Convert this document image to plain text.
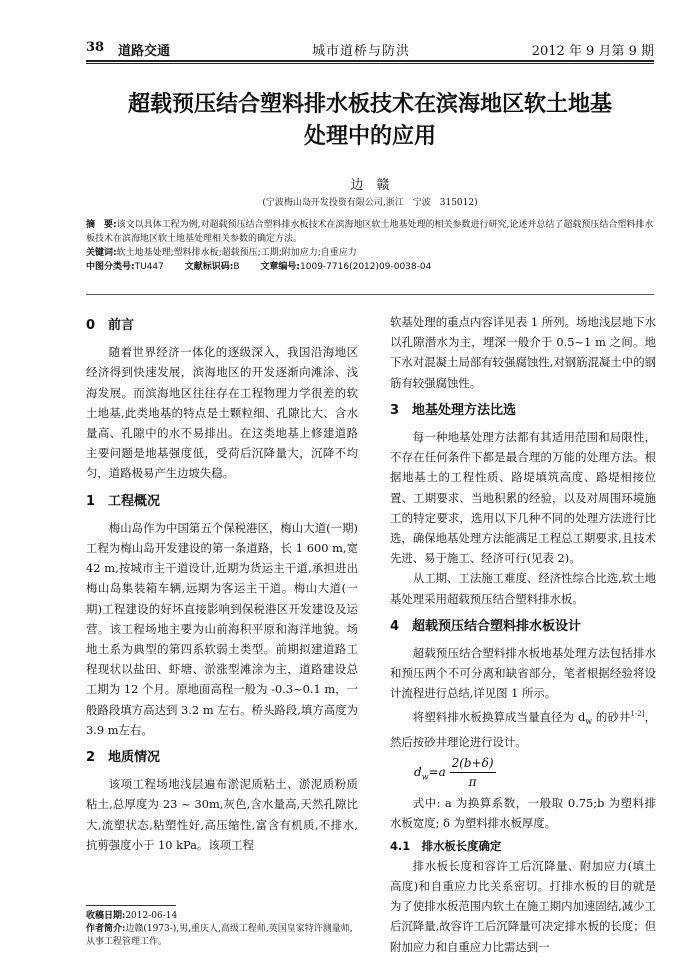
38 道路交通	城市道桥与防洪	2012 年 9 月第 9 期
超载预压结合塑料排水板技术在滨海地区软土地基
处理中的应用
边　赣
(宁波梅山岛开发投资有限公司,浙江　宁波　315012)
摘　要:该文以具体工程为例,对超载预压结合塑料排水板技术在滨海地区软土地基处理的相关参数进行研究,论述并总结了超载预压结合塑料排水板技术在滨海地区软土地基处理相关参数的确定方法。
关键词:软土地基处理;塑料排水板;超载预压;工期;附加应力;自重应力
中图分类号:TU447 文献标识码:B 文章编号:1009-7716(2012)09-0038-04
0　前言

随着世界经济一体化的逐级深入，我国沿海地区经济得到快速发展，滨海地区的开发逐渐向滩涂、浅海发展。而滨海地区往往存在工程物理力学很差的软土地基,此类地基的特点是土颗粒细、孔隙比大、含水量高、孔隙中的水不易排出。在这类地基上修建道路主要问题是地基强度低，受荷后沉降量大，沉降不均匀，道路极易产生边坡失稳。

1　工程概况

梅山岛作为中国第五个保税港区，梅山大道(一期)工程为梅山岛开发建设的第一条道路，长 1 600 m,宽 42 m,按城市主干道设计,近期为货运主干道,承担进出梅山岛集装箱车辆,远期为客运主干道。梅山大道(一期)工程建设的好坏直接影响到保税港区开发建设及运营。该工程场地主要为山前海积平原和海洋地貌。场地土系为典型的第四系软弱土类型。前期拟建道路工程现状以盐田、虾塘、淤涨型滩涂为主，道路建设总工期为 12 个月。原地面高程一般为 -0.3~0.1 m，一般路段填方高达到 3.2 m 左右。桥头路段,填方高度为 3.9 m左右。

2　地质情况

该项工程场地浅层遍布淤泥质粘土、淤泥质粉质粘土,总厚度为 23 ~ 30m,灰色,含水量高,天然孔隙比大,流塑状态,粘塑性好,高压缩性,富含有机质,不排水,抗剪强度小于 10 kPa。该项工程

收稿日期:2012-06-14
作者简介:边赣(1973-),男,重庆人,高级工程师,英国皇家特许测量师,从事工程管理工作。

软基处理的重点内容详见表 1 所列。场地浅层地下水以孔隙潜水为主，埋深一般介于 0.5~1 m 之间。地下水对混凝土局部有较强腐蚀性,对钢筋混凝土中的钢筋有较强腐蚀性。

3　地基处理方法比选

每一种地基处理方法都有其适用范围和局限性，不存在任何条件下都是最合理的万能的处理方法。根据地基土的工程性质、路堤填筑高度、路堤相接位置、工期要求、当地积累的经验，以及对周围环境施工的特定要求，选用以下几种不同的处理方法进行比选，确保地基处理方法能满足工程总工期要求,且技术先进、易于施工、经济可行(见表 2)。

从工期、工法施工难度、经济性综合比选,软土地基处理采用超载预压结合塑料排水板。

4　超载预压结合塑料排水板设计

超载预压结合塑料排水板地基处理方法包括排水和预压两个不可分离和缺省部分，笔者根据经验将设计流程进行总结,详见图 1 所示。

将塑料排水板换算成当量直径为 $d_w$ 的砂井$^{1-2]}$，然后按砂井理论进行设计。

$d_w=a \frac{2(b+\delta)}{\pi}$

式中: a 为换算系数，一般取 0.75;b 为塑料排水板宽度; δ 为塑料排水板厚度。

4.1　排水板长度确定

排水板长度和容许工后沉降量、附加应力(填土高度)和自重应力比关系密切。打排水板的目的就是为了使排水板范围内软土在施工期内加速固结,减少工后沉降量,故容许工后沉降量可决定排水板的长度；但附加应力和自重应力比需达到一
